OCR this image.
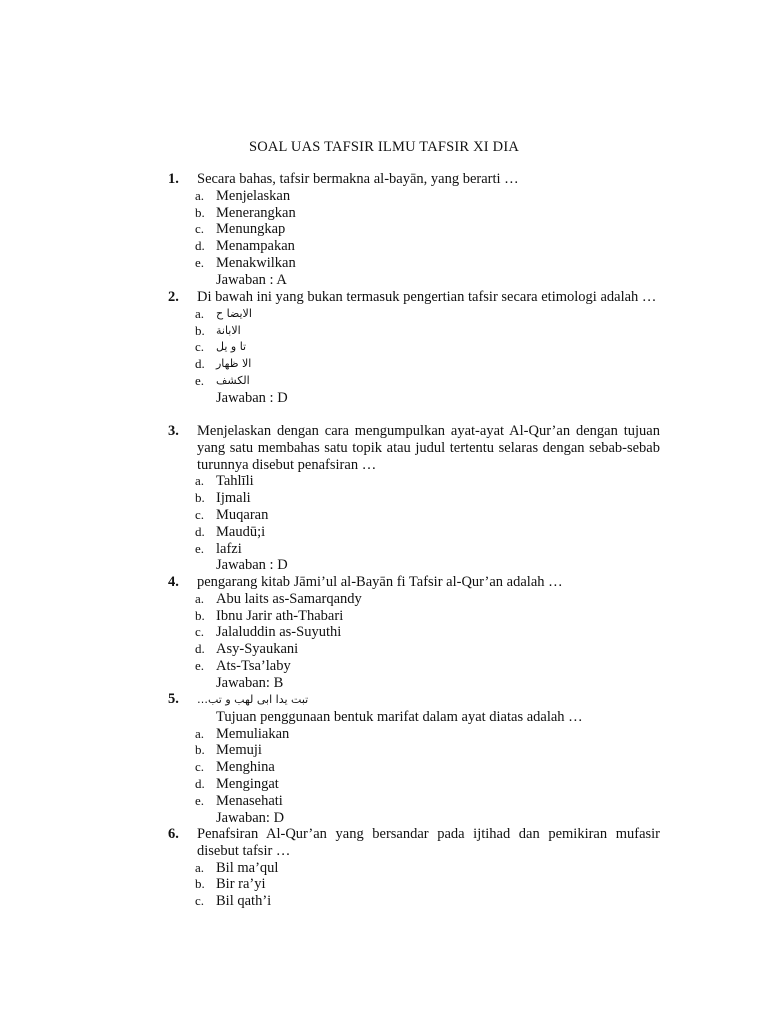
SOAL UAS TAFSIR ILMU TAFSIR XI DIA
1.	Secara bahas, tafsir bermakna al-bayān, yang berarti …
a. Menjelaskan
b. Menerangkan
c. Menungkap
d. Menampakan
e. Menakwilkan
Jawaban : A
2.	Di bawah ini yang bukan termasuk pengertian tafsir secara etimologi adalah …
a. الايضا ح
b. الابانة
c. تا و يل
d. الا ظهار
e. الكشف
Jawaban : D
3.	Menjelaskan dengan cara mengumpulkan ayat-ayat Al-Qur’an dengan tujuan yang satu membahas satu topik atau judul tertentu selaras dengan sebab-sebab turunnya disebut penafsiran …
a. Tahlīli
b. Ijmali
c. Muqaran
d. Maudū;i
e. lafzi
Jawaban : D
4.	pengarang kitab Jāmi’ul al-Bayān fi Tafsir al-Qur’an adalah …
a. Abu laits as-Samarqandy
b. Ibnu Jarir ath-Thabari
c. Jalaluddin as-Suyuthi
d. Asy-Syaukani
e. Ats-Tsa’laby
Jawaban: B
5.	تبت يدا ابى لهب و تب…
Tujuan penggunaan bentuk marifat dalam ayat diatas adalah …
a. Memuliakan
b. Memuji
c. Menghina
d. Mengingat
e. Menasehati
Jawaban: D
6.	Penafsiran Al-Qur’an yang bersandar pada ijtihad dan pemikiran mufasir disebut tafsir …
a. Bil ma’qul
b. Bir ra’yi
c. Bil qath’i
